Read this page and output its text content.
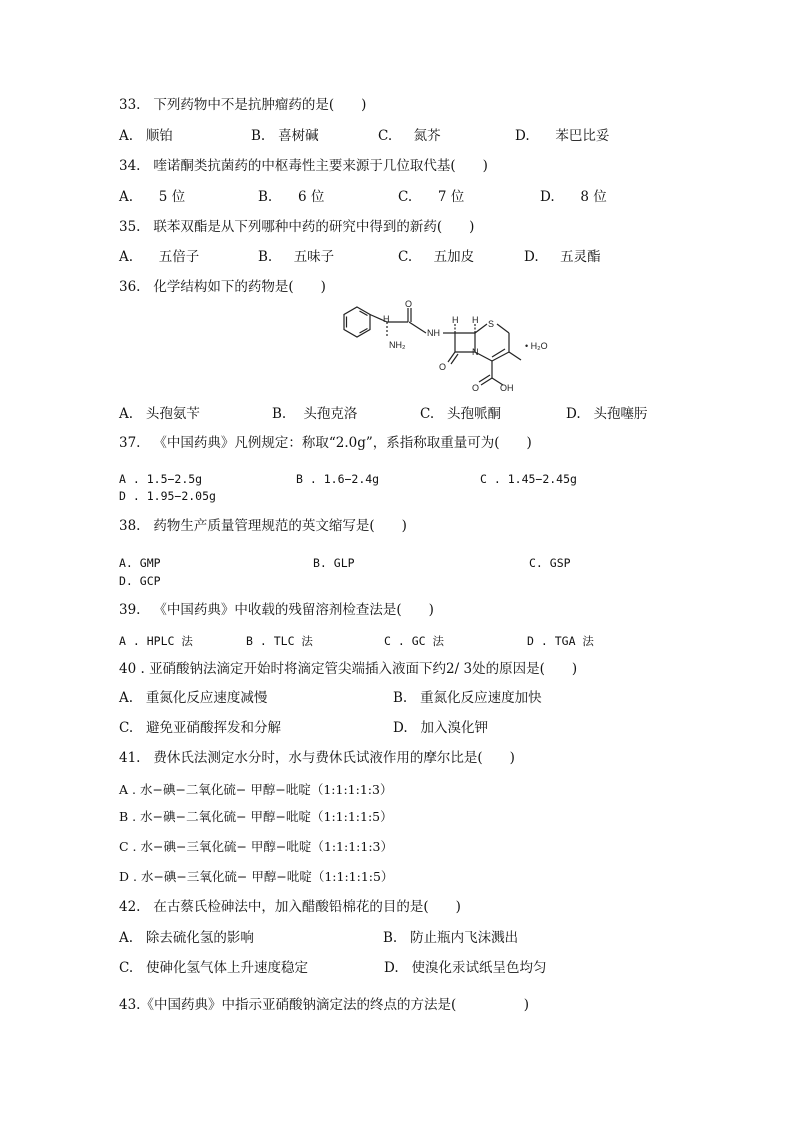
33. 下列药物中不是抗肿瘤药的是(　　)
A. 顺铂	B. 喜树碱	C. 氮芥	D. 苯巴比妥
34. 喹诺酮类抗菌药的中枢毒性主要来源于几位取代基(　　)
A. 5 位	B. 6 位	C. 7 位	D. 8 位
35. 联苯双酯是从下列哪种中药的研究中得到的新药(　　)
A. 五倍子	B. 五味子	C. 五加皮	D. 五灵酯
36. 化学结构如下的药物是(　　)
H
NH₂
O
NH
H H S
N
O
O OH
• H₂O
A. 头孢氨苄	B. 头孢克洛	C. 头孢哌酮	D. 头孢噻肟
37. 《中国药典》凡例规定：称取“2.0g”，系指称取重量可为(　　)
A . 1.5−2.5g	B . 1.6−2.4g	C . 1.45−2.45g
D . 1.95−2.05g
38. 药物生产质量管理规范的英文缩写是(　　)
A. GMP	B. GLP	C. GSP
D. GCP
39. 《中国药典》中收载的残留溶剂检查法是(　　)
A . HPLC 法	B . TLC 法	C . GC 法	D . TGA 法
40 . 亚硝酸钠法滴定开始时将滴定管尖端插入液面下约2/ 3处的原因是(　　)
A. 重氮化反应速度减慢	B. 重氮化反应速度加快
C. 避免亚硝酸挥发和分解	D. 加入溴化钾
41. 费休氏法测定水分时，水与费休氏试液作用的摩尔比是(　　)
A . 水−碘−二氧化硫− 甲醇−吡啶（1:1:1:1:3）
B . 水−碘−二氧化硫− 甲醇−吡啶（1:1:1:1:5）
C . 水−碘−三氧化硫− 甲醇−吡啶（1:1:1:1:3）
D . 水−碘−三氧化硫− 甲醇−吡啶（1:1:1:1:5）
42. 在古蔡氏检砷法中，加入醋酸铅棉花的目的是(　　)
A. 除去硫化氢的影响	B. 防止瓶内飞沫溅出
C. 使砷化氢气体上升速度稳定	D. 使溴化汞试纸呈色均匀
43.《中国药典》中指示亚硝酸钠滴定法的终点的方法是(　　　　　)
